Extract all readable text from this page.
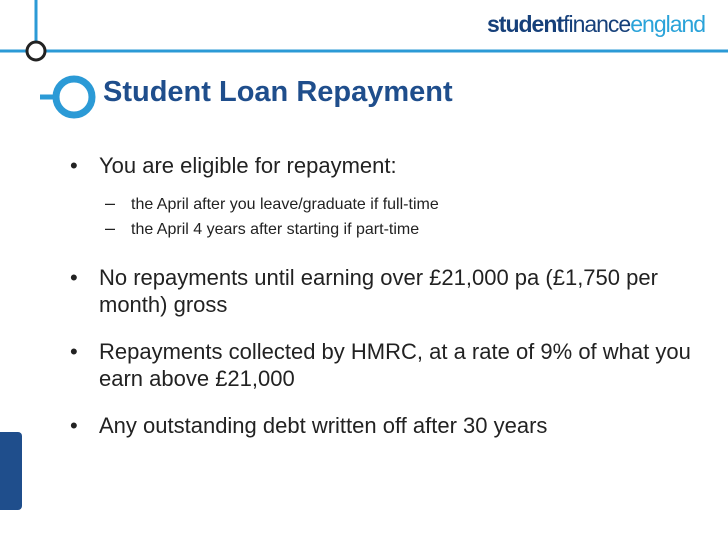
studentfinanceengland
Student Loan Repayment
• You are eligible for repayment:
– the April after you leave/graduate if full-time
– the April 4 years after starting if part-time
• No repayments until earning over £21,000 pa (£1,750 per month) gross
• Repayments collected by HMRC, at a rate of 9% of what you earn above £21,000
• Any outstanding debt written off after 30 years
